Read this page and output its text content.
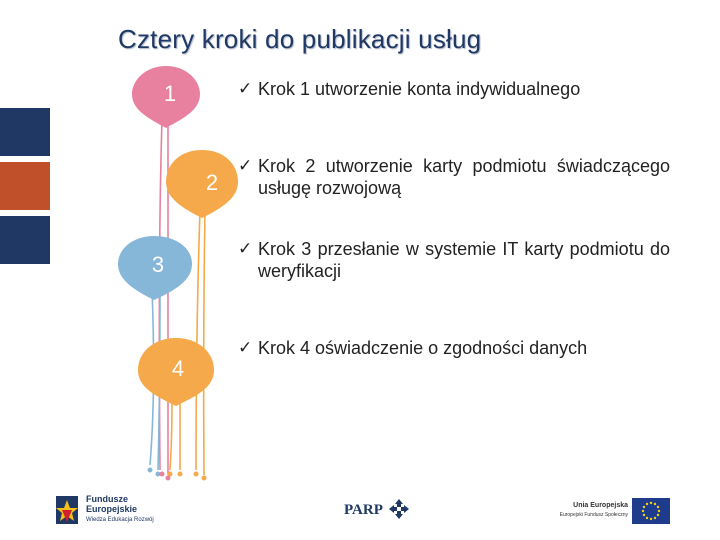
Cztery kroki do publikacji usług
1
2
3
4
✓ Krok 1 utworzenie konta indywidualnego
✓ Krok 2 utworzenie karty podmiotu świadczącego usługę rozwojową
✓ Krok 3 przesłanie w systemie IT karty podmiotu do weryfikacji
✓ Krok 4 oświadczenie o zgodności danych
Fundusze
Europejskie
Wiedza Edukacja Rozwój
PARP	Unia Europejska
Europejski Fundusz Społeczny
